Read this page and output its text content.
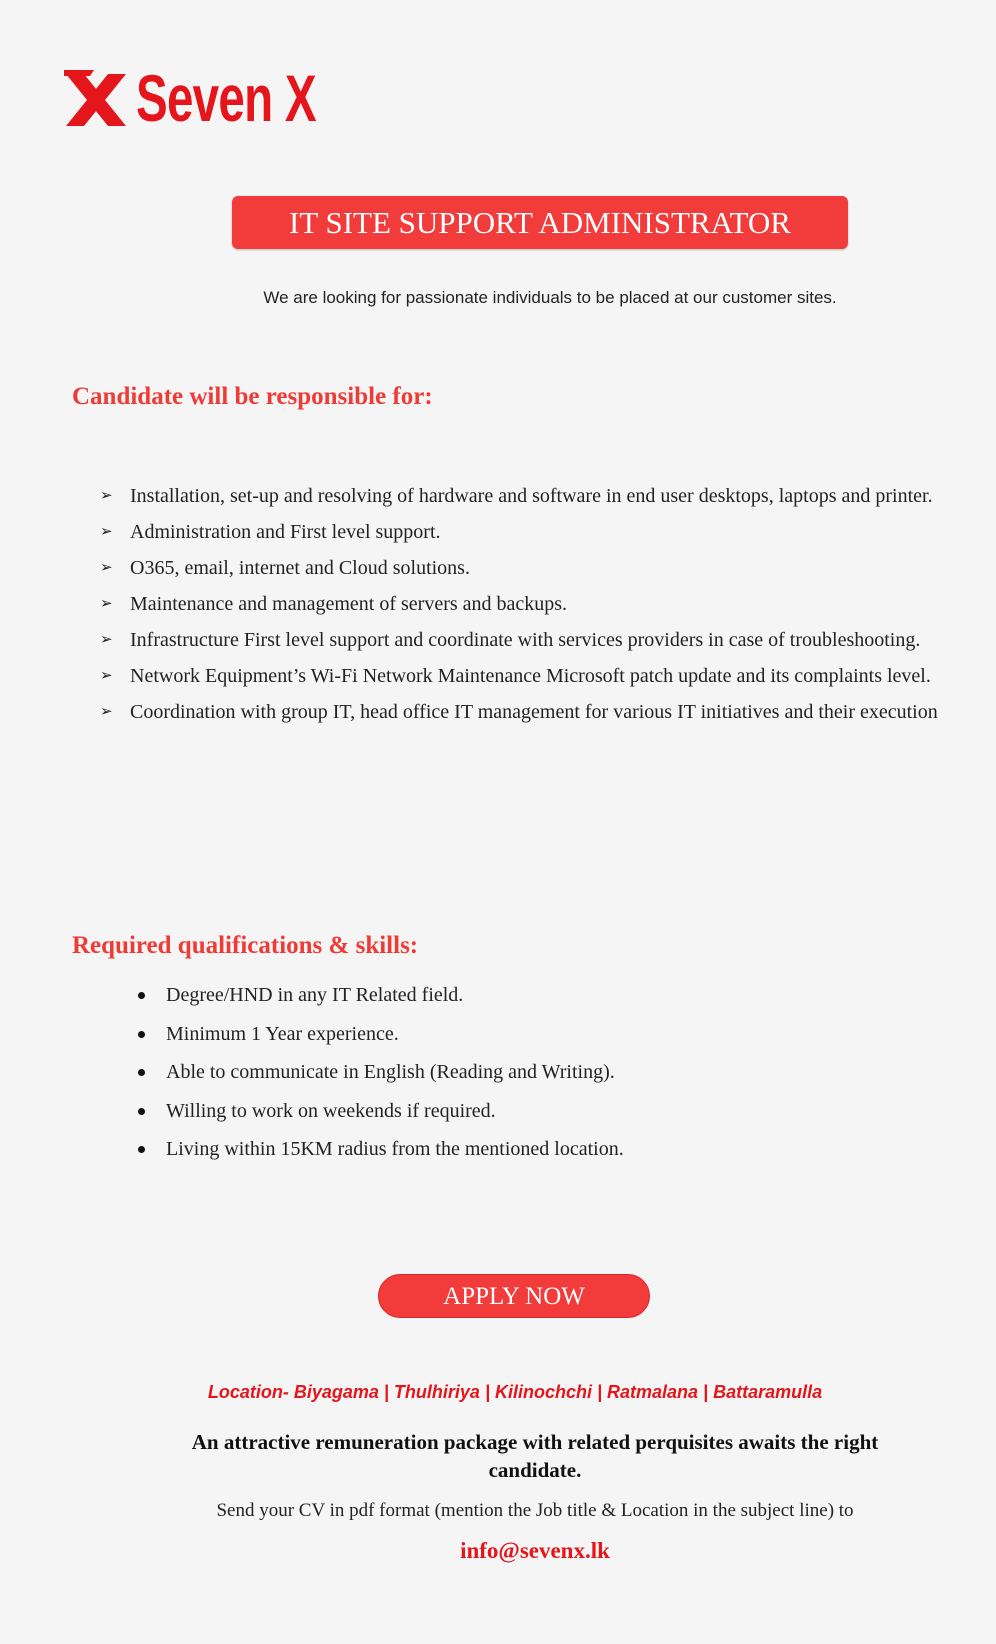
Seven X
IT SITE SUPPORT ADMINISTRATOR
We are looking for passionate individuals to be placed at our customer sites.
Candidate will be responsible for:
➢ Installation, set-up and resolving of hardware and software in end user desktops, laptops and printer.
➢ Administration and First level support.
➢ O365, email, internet and Cloud solutions.
➢ Maintenance and management of servers and backups.
➢ Infrastructure First level support and coordinate with services providers in case of troubleshooting.
➢ Network Equipment’s Wi-Fi Network Maintenance Microsoft patch update and its complaints level.
➢ Coordination with group IT, head office IT management for various IT initiatives and their execution
Required qualifications & skills:
Degree/HND in any IT Related field.
Minimum 1 Year experience.
Able to communicate in English (Reading and Writing).
Willing to work on weekends if required.
Living within 15KM radius from the mentioned location.
APPLY NOW
Location- Biyagama | Thulhiriya | Kilinochchi | Ratmalana | Battaramulla
An attractive remuneration package with related perquisites awaits the right candidate.
Send your CV in pdf format (mention the Job title & Location in the subject line) to
info@sevenx.lk
